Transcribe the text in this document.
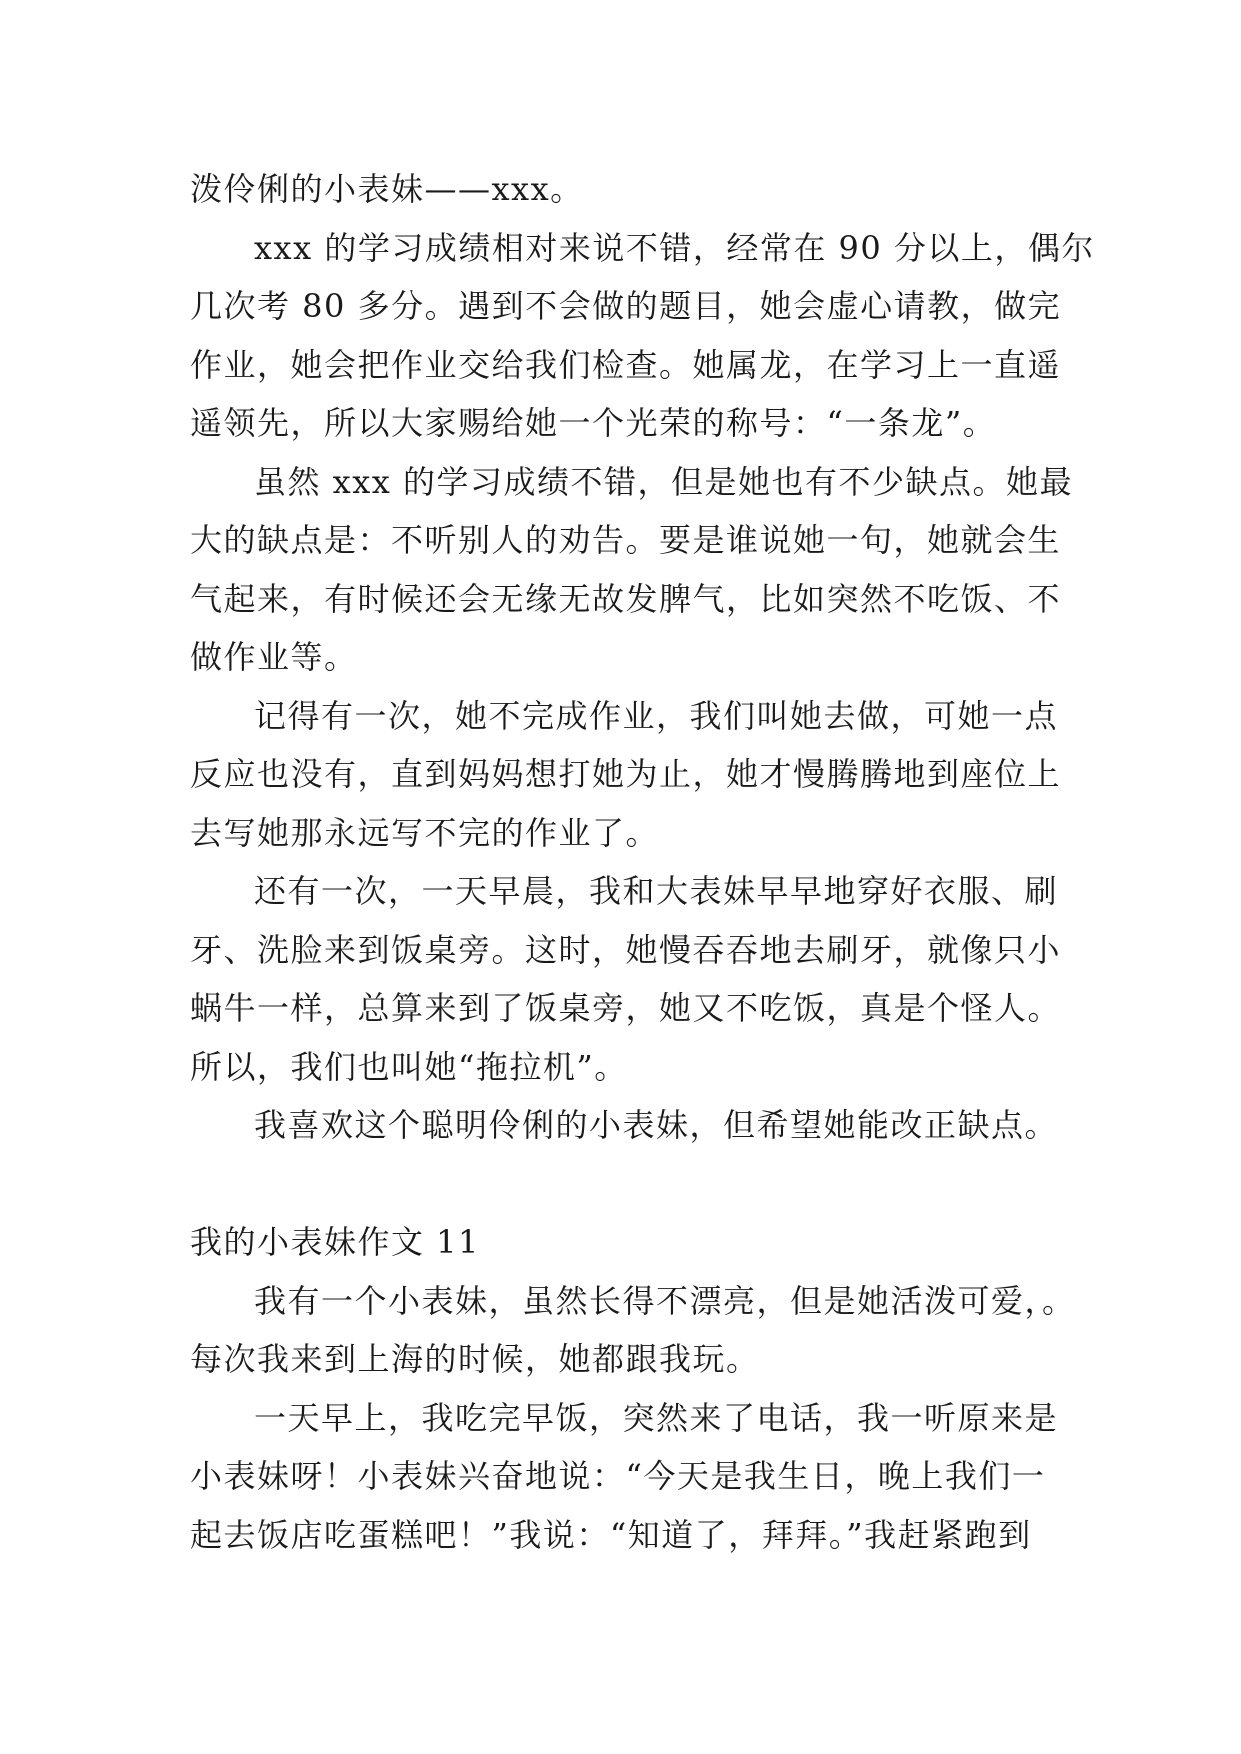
泼伶俐的小表妹——xxx。
xxx 的学习成绩相对来说不错，经常在 90 分以上，偶尔
几次考 80 多分。遇到不会做的题目，她会虚心请教，做完
作业，她会把作业交给我们检查。她属龙，在学习上一直遥
遥领先，所以大家赐给她一个光荣的称号：“一条龙”。
虽然 xxx 的学习成绩不错，但是她也有不少缺点。她最
大的缺点是：不听别人的劝告。要是谁说她一句，她就会生
气起来，有时候还会无缘无故发脾气，比如突然不吃饭、不
做作业等。
记得有一次，她不完成作业，我们叫她去做，可她一点
反应也没有，直到妈妈想打她为止，她才慢腾腾地到座位上
去写她那永远写不完的作业了。
还有一次，一天早晨，我和大表妹早早地穿好衣服、刷
牙、洗脸来到饭桌旁。这时，她慢吞吞地去刷牙，就像只小
蜗牛一样，总算来到了饭桌旁，她又不吃饭，真是个怪人。
所以，我们也叫她“拖拉机”。
我喜欢这个聪明伶俐的小表妹，但希望她能改正缺点。
我的小表妹作文 11
我有一个小表妹，虽然长得不漂亮，但是她活泼可爱，。
每次我来到上海的时候，她都跟我玩。
一天早上，我吃完早饭，突然来了电话，我一听原来是
小表妹呀！小表妹兴奋地说：“今天是我生日，晚上我们一
起去饭店吃蛋糕吧！”我说：“知道了，拜拜。”我赶紧跑到
